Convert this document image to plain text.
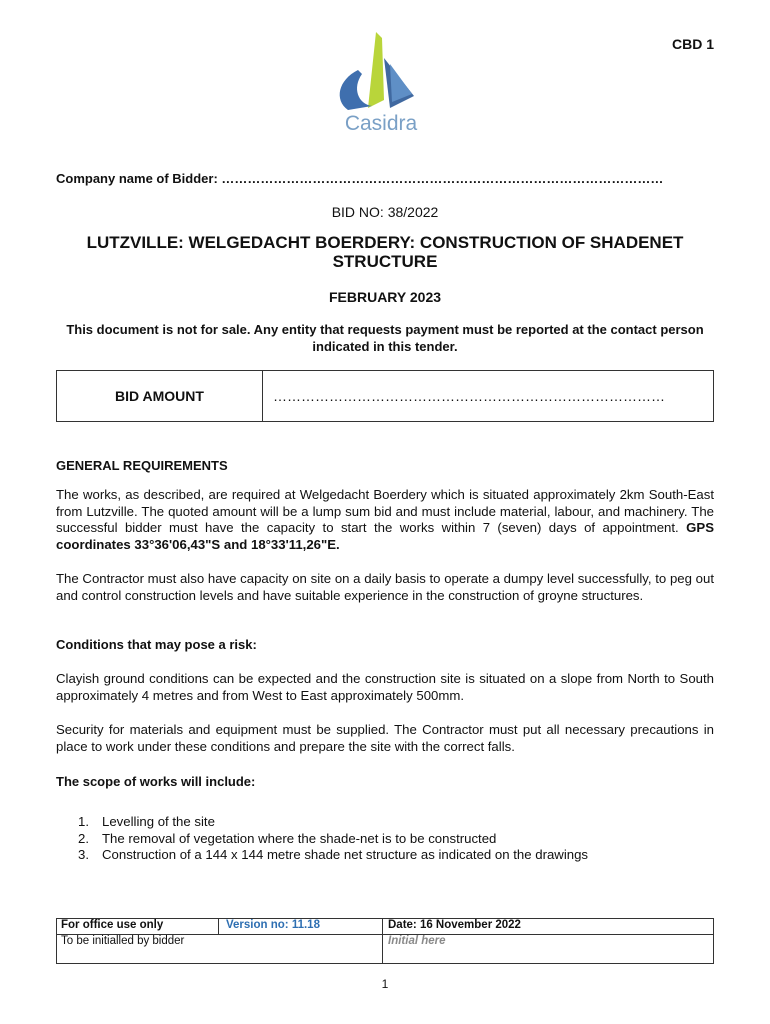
CBD 1
Casidra
Company name of Bidder: …………………………………………………………………………………………
BID NO: 38/2022
LUTZVILLE: WELGEDACHT BOERDERY: CONSTRUCTION OF SHADENET STRUCTURE
FEBRUARY 2023
This document is not for sale. Any entity that requests payment must be reported at the contact person indicated in this tender.
BID AMOUNT	…………………………………………………………………………
GENERAL REQUIREMENTS
The works, as described, are required at Welgedacht Boerdery which is situated approximately 2km South-East from Lutzville. The quoted amount will be a lump sum bid and must include material, labour, and machinery. The successful bidder must have the capacity to start the works within 7 (seven) days of appointment. GPS coordinates 33°36'06,43"S and 18°33'11,26"E.
The Contractor must also have capacity on site on a daily basis to operate a dumpy level successfully, to peg out and control construction levels and have suitable experience in the construction of groyne structures.
Conditions that may pose a risk:
Clayish ground conditions can be expected and the construction site is situated on a slope from North to South approximately 4 metres and from West to East approximately 500mm.
Security for materials and equipment must be supplied. The Contractor must put all necessary precautions in place to work under these conditions and prepare the site with the correct falls.
The scope of works will include:
1. Levelling of the site
2. The removal of vegetation where the shade-net is to be constructed
3. Construction of a 144 x 144 metre shade net structure as indicated on the drawings
For office use only	Version no: 11.18	Date: 16 November 2022
To be initialled by bidder	Initial here
1
